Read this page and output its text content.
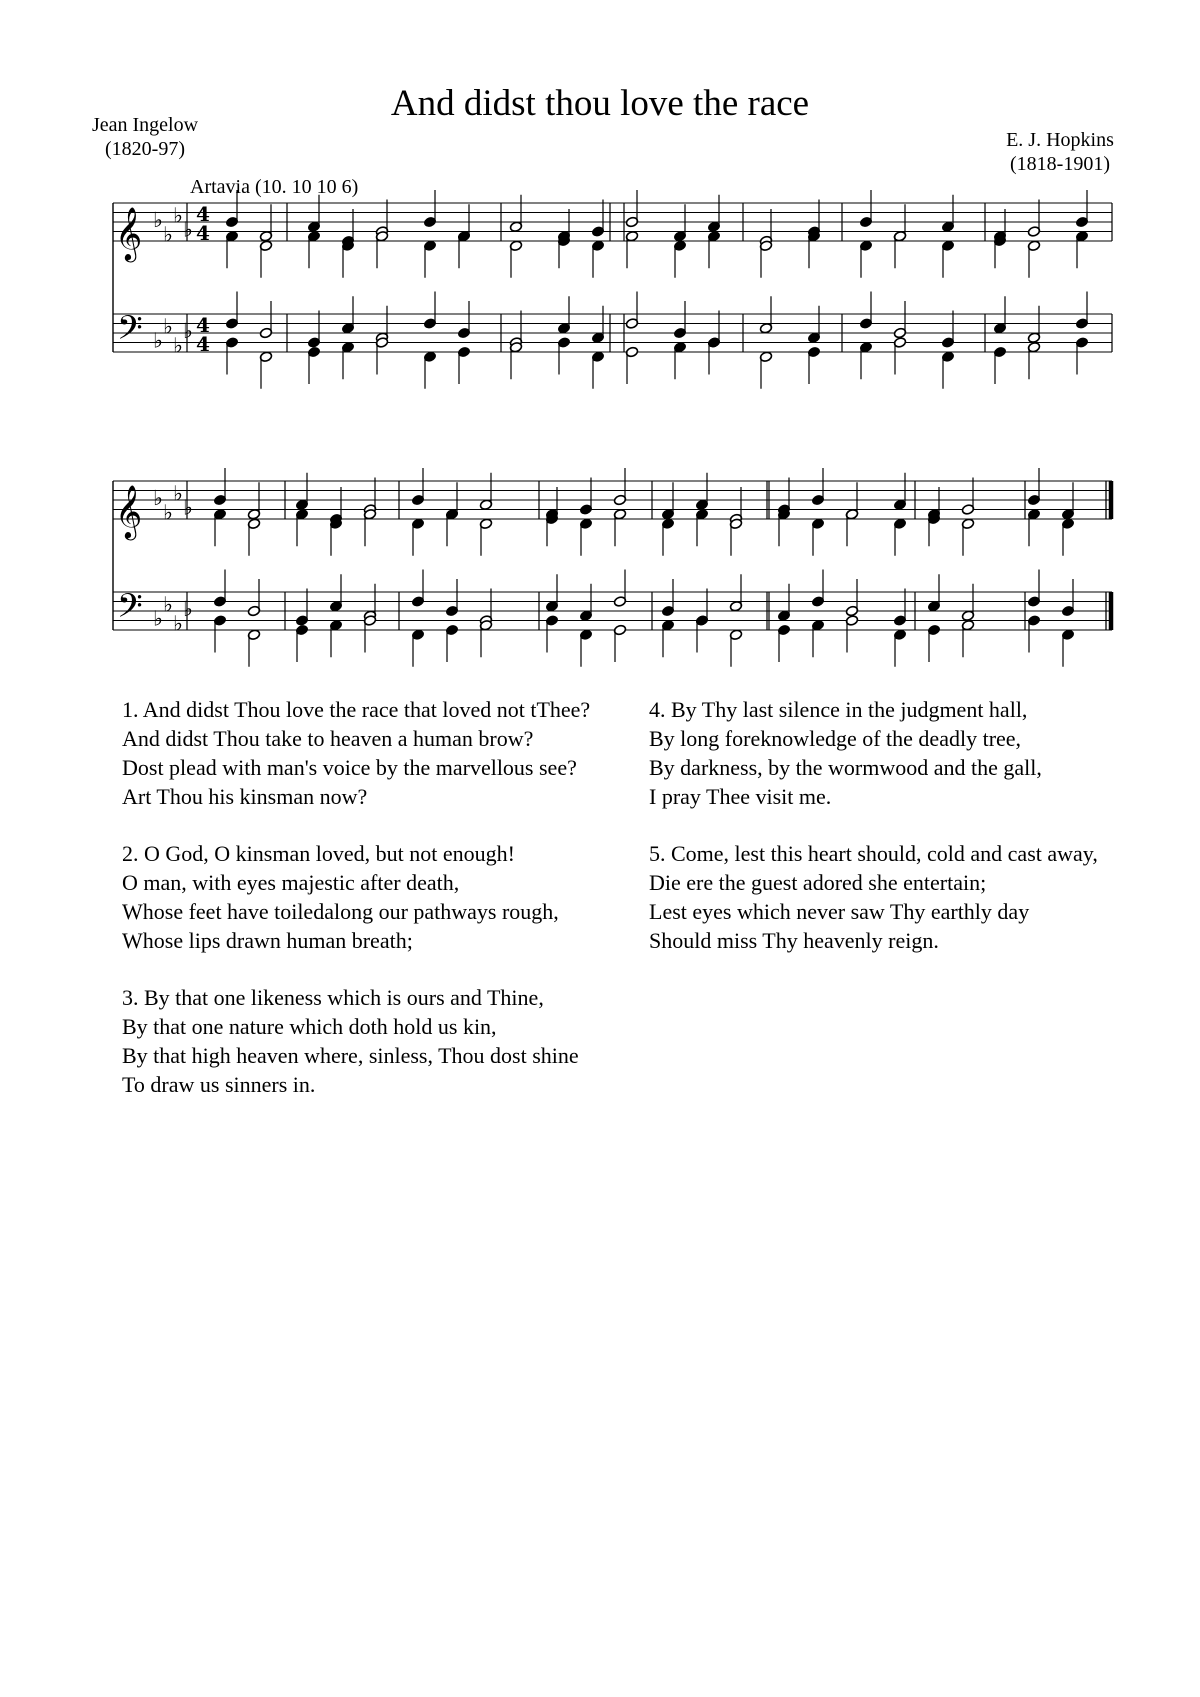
And didst thou love the race
Jean Ingelow
(1820-97)	E. J. Hopkins
(1818-1901)
Artavia (10. 10 10 6)
𝄞
𝄢
♭
♭
♭
♭
♭
♭
♭
♭
4
4
4
4
𝄞
𝄢
♭
♭
♭
♭
♭
♭
♭
♭
1. And didst Thou love the race that loved not tThee?
And didst Thou take to heaven a human brow?
Dost plead with man's voice by the marvellous see?
Art Thou his kinsman now?
2. O God, O kinsman loved, but not enough!
O man, with eyes majestic after death,
Whose feet have toiledalong our pathways rough,
Whose lips drawn human breath;
3. By that one likeness which is ours and Thine,
By that one nature which doth hold us kin,
By that high heaven where, sinless, Thou dost shine
To draw us sinners in.
4. By Thy last silence in the judgment hall,
By long foreknowledge of the deadly tree,
By darkness, by the wormwood and the gall,
I pray Thee visit me.
5. Come, lest this heart should, cold and cast away,
Die ere the guest adored she entertain;
Lest eyes which never saw Thy earthly day
Should miss Thy heavenly reign.
